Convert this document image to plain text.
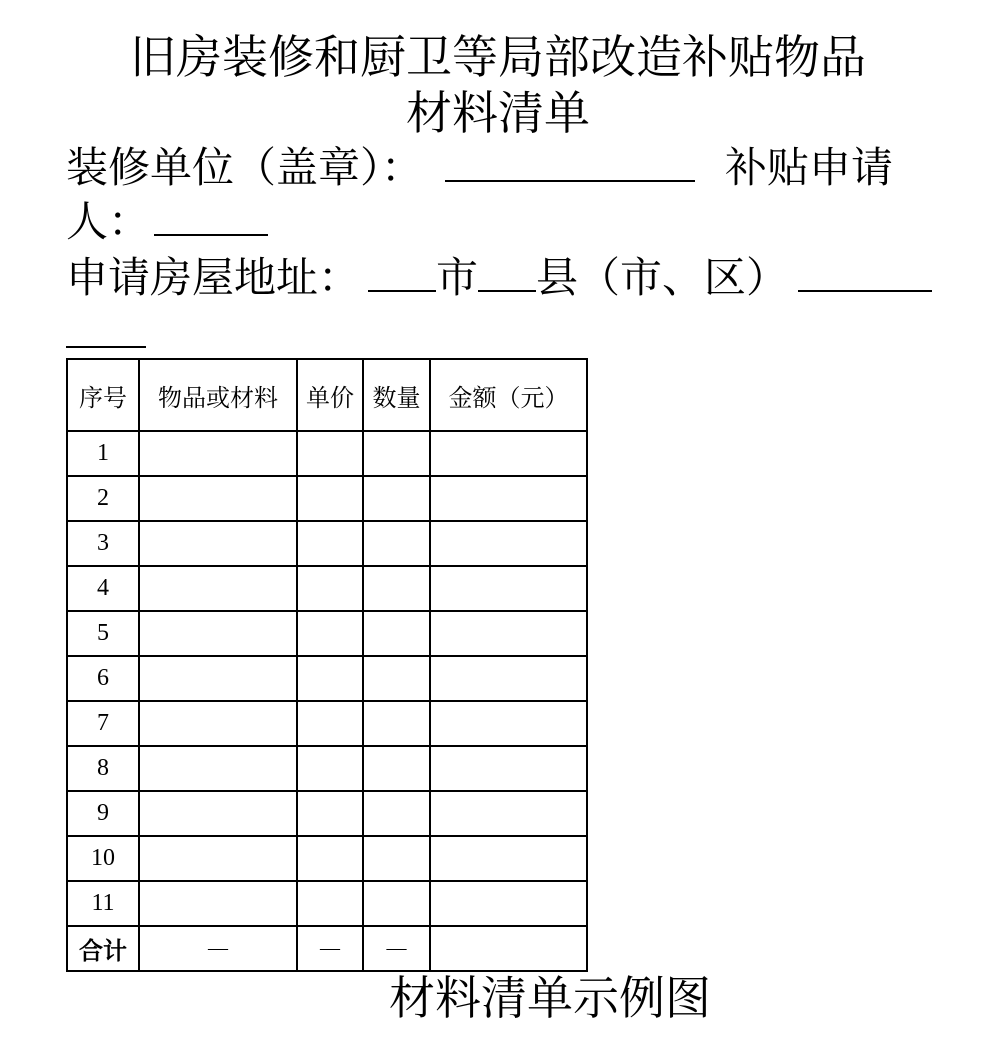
旧房装修和厨卫等局部改造补贴物品
材料清单
装修单位（盖章）：	补贴申请
人：
申请房屋地址： 市 县（市、区）
序号	物品或材料	单价	数量	金额（元）
1				
2				
3				
4				
5				
6				
7				
8				
9				
10				
11				
合计	—	—	—	
材料清单示例图
